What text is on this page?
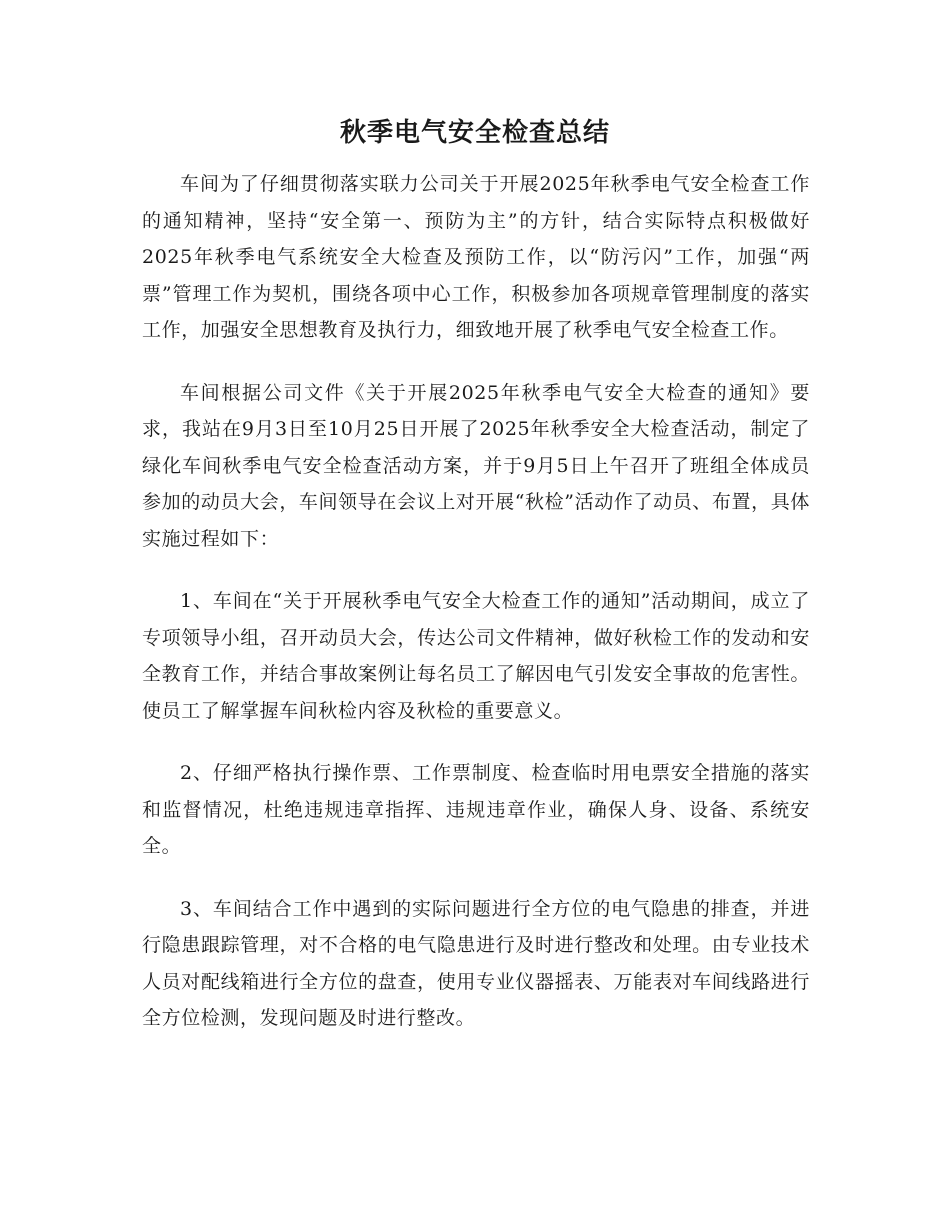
秋季电气安全检查总结

车间为了仔细贯彻落实联力公司关于开展2025年秋季电气安全检查工作的通知精神，坚持“安全第一、预防为主”的方针，结合实际特点积极做好2025年秋季电气系统安全大检查及预防工作，以“防污闪”工作，加强“两票”管理工作为契机，围绕各项中心工作，积极参加各项规章管理制度的落实工作，加强安全思想教育及执行力，细致地开展了秋季电气安全检查工作。

车间根据公司文件《关于开展2025年秋季电气安全大检查的通知》要求，我站在9月3日至10月25日开展了2025年秋季安全大检查活动，制定了绿化车间秋季电气安全检查活动方案，并于9月5日上午召开了班组全体成员参加的动员大会，车间领导在会议上对开展“秋检”活动作了动员、布置，具体实施过程如下：

1、车间在“关于开展秋季电气安全大检查工作的通知”活动期间，成立了专项领导小组，召开动员大会，传达公司文件精神，做好秋检工作的发动和安全教育工作，并结合事故案例让每名员工了解因电气引发安全事故的危害性。使员工了解掌握车间秋检内容及秋检的重要意义。

2、仔细严格执行操作票、工作票制度、检查临时用电票安全措施的落实和监督情况，杜绝违规违章指挥、违规违章作业，确保人身、设备、系统安全。

3、车间结合工作中遇到的实际问题进行全方位的电气隐患的排查，并进行隐患跟踪管理，对不合格的电气隐患进行及时进行整改和处理。由专业技术人员对配线箱进行全方位的盘查，使用专业仪器摇表、万能表对车间线路进行全方位检测，发现问题及时进行整改。
